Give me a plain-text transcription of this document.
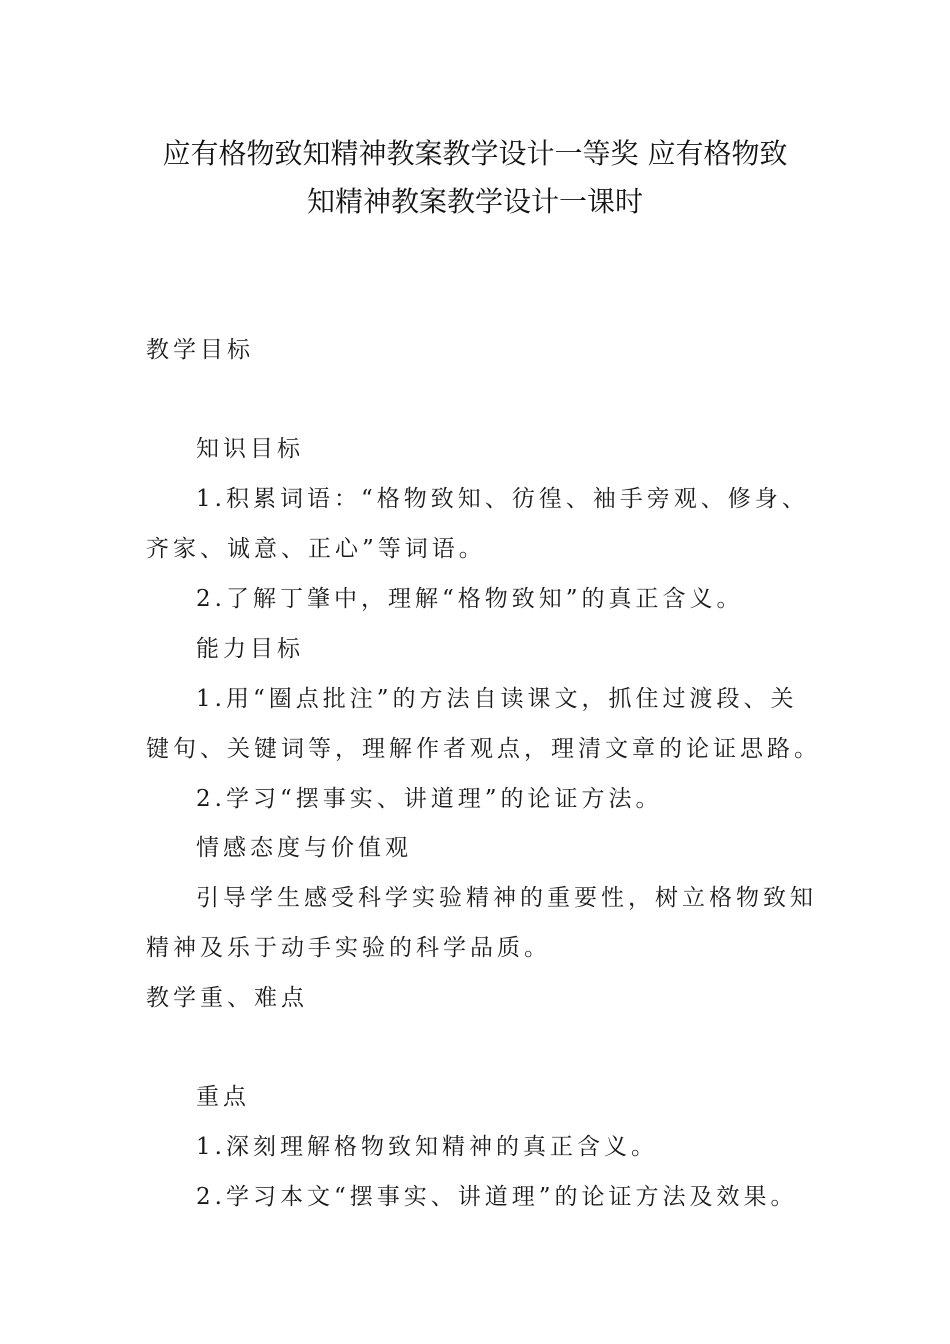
应有格物致知精神教案教学设计一等奖 应有格物致
知精神教案教学设计一课时
教学目标
知识目标
1.积累词语：“格物致知、彷徨、袖手旁观、修身、
齐家、诚意、正心”等词语。
2.了解丁肇中，理解“格物致知”的真正含义。
能力目标
1.用“圈点批注”的方法自读课文，抓住过渡段、关
键句、关键词等，理解作者观点，理清文章的论证思路。
2.学习“摆事实、讲道理”的论证方法。
情感态度与价值观
引导学生感受科学实验精神的重要性，树立格物致知
精神及乐于动手实验的科学品质。
教学重、难点
重点
1.深刻理解格物致知精神的真正含义。
2.学习本文“摆事实、讲道理”的论证方法及效果。
